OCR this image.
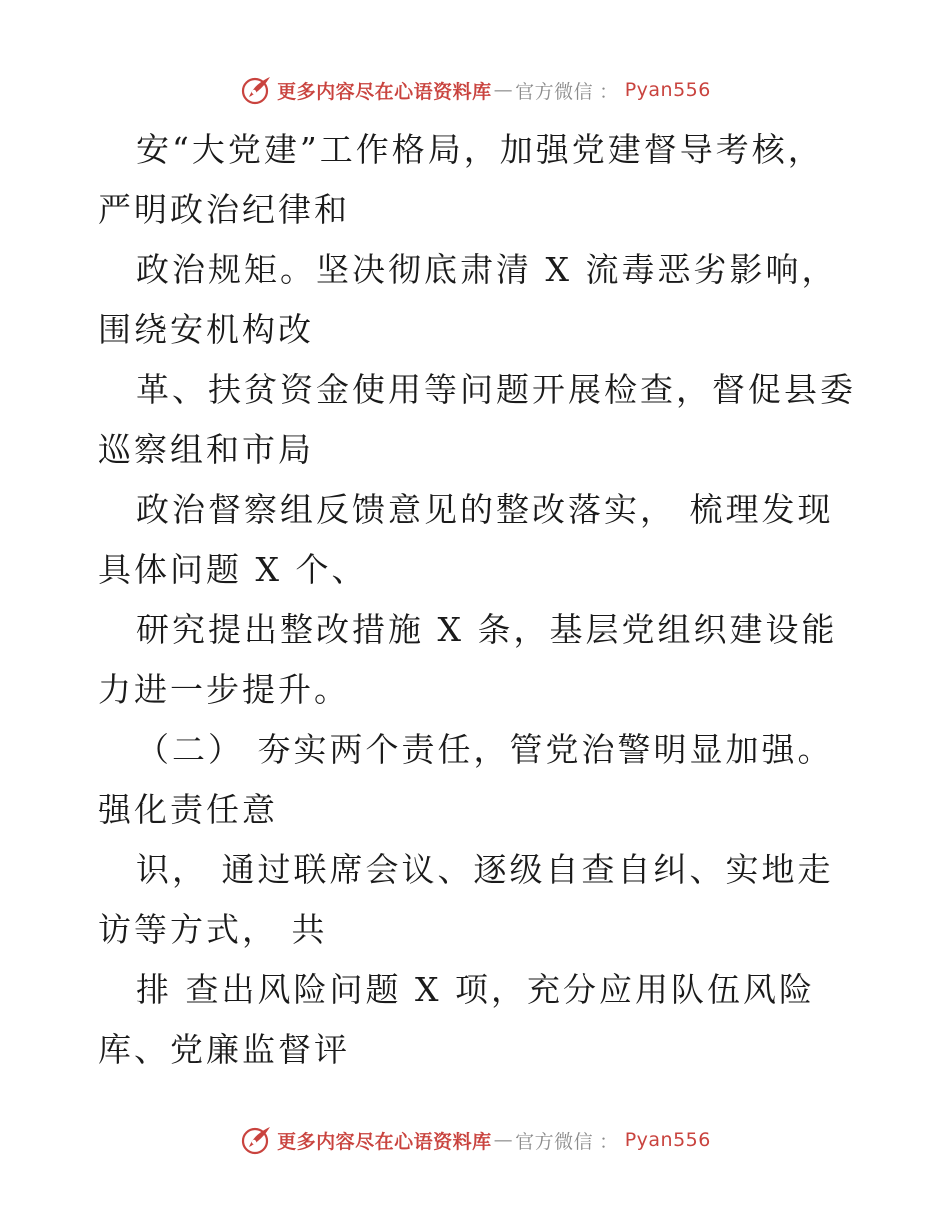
更多内容尽在心语资料库 — 官方微信 ： Pyan556

安“大党建”工作格局，加强党建督导考核，严明政治纪律和

政治规矩。坚决彻底肃清 X 流毒恶劣影响，围绕安机构改

革、扶贫资金使用等问题开展检查，督促县委巡察组和市局

政治督察组反馈意见的整改落实， 梳理发现具体问题 X 个、

研究提出整改措施 X 条，基层党组织建设能力进一步提升。

（二） 夯实两个责任，管党治警明显加强。强化责任意

识， 通过联席会议、逐级自查自纠、实地走访等方式， 共

排 查出风险问题 X 项，充分应用队伍风险库、党廉监督评

更多内容尽在心语资料库 — 官方微信 ： Pyan556
